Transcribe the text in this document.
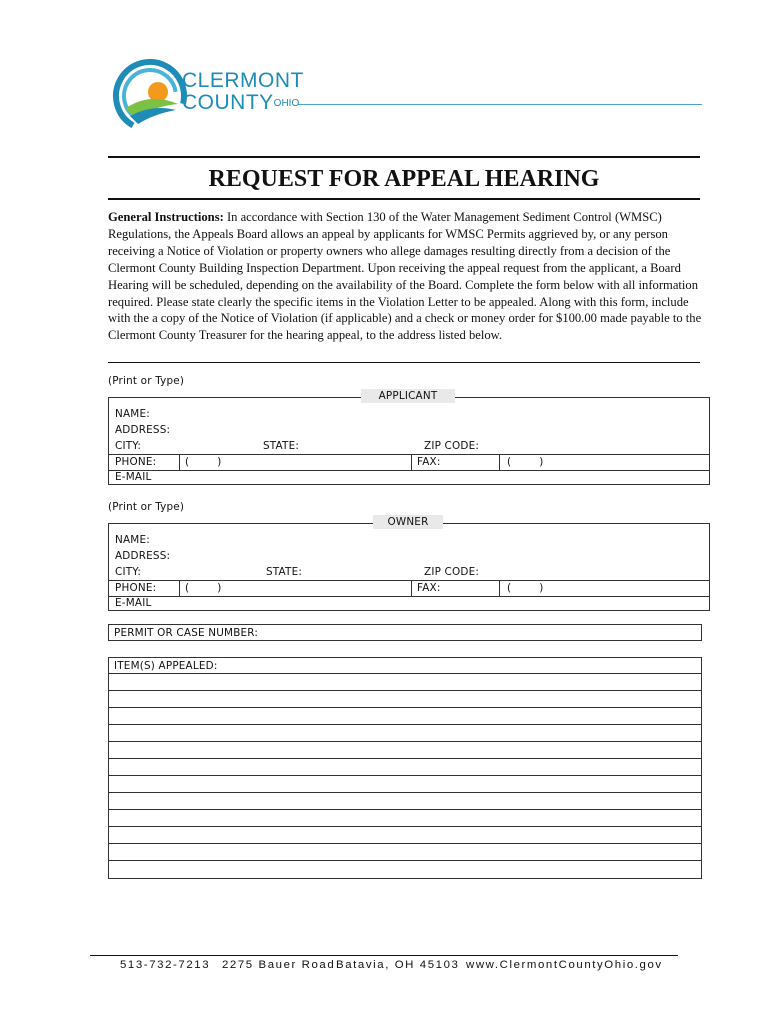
CLERMONT
$COUNTY^{OHIO}$
REQUEST FOR APPEAL HEARING
General Instructions: In accordance with Section 130 of the Water Management Sediment Control (WMSC) Regulations, the Appeals Board allows an appeal by applicants for WMSC Permits aggrieved by, or any person receiving a Notice of Violation or property owners who allege damages resulting directly from a decision of the Clermont County Building Inspection Department. Upon receiving the appeal request from the applicant, a Board Hearing will be scheduled, depending on the availability of the Board. Complete the form below with all information required. Please state clearly the specific items in the Violation Letter to be appealed. Along with this form, include with the a copy of the Notice of Violation (if applicable) and a check or money order for $100.00 made payable to the Clermont County Treasurer for the hearing appeal, to the address listed below.
(Print or Type)
APPLICANT
NAME:
ADDRESS:
CITY:	STATE:	ZIP CODE:
PHONE:	(        )	FAX:	(        )
E-MAIL
(Print or Type)
OWNER
NAME:
ADDRESS:
CITY:	STATE:	ZIP CODE:
PHONE:	(        )	FAX:	(        )
E-MAIL
PERMIT OR CASE NUMBER:
ITEM(S) APPEALED:
513-732-7213 2275 Bauer Road Batavia, OH 45103 www.ClermontCountyOhio.gov
